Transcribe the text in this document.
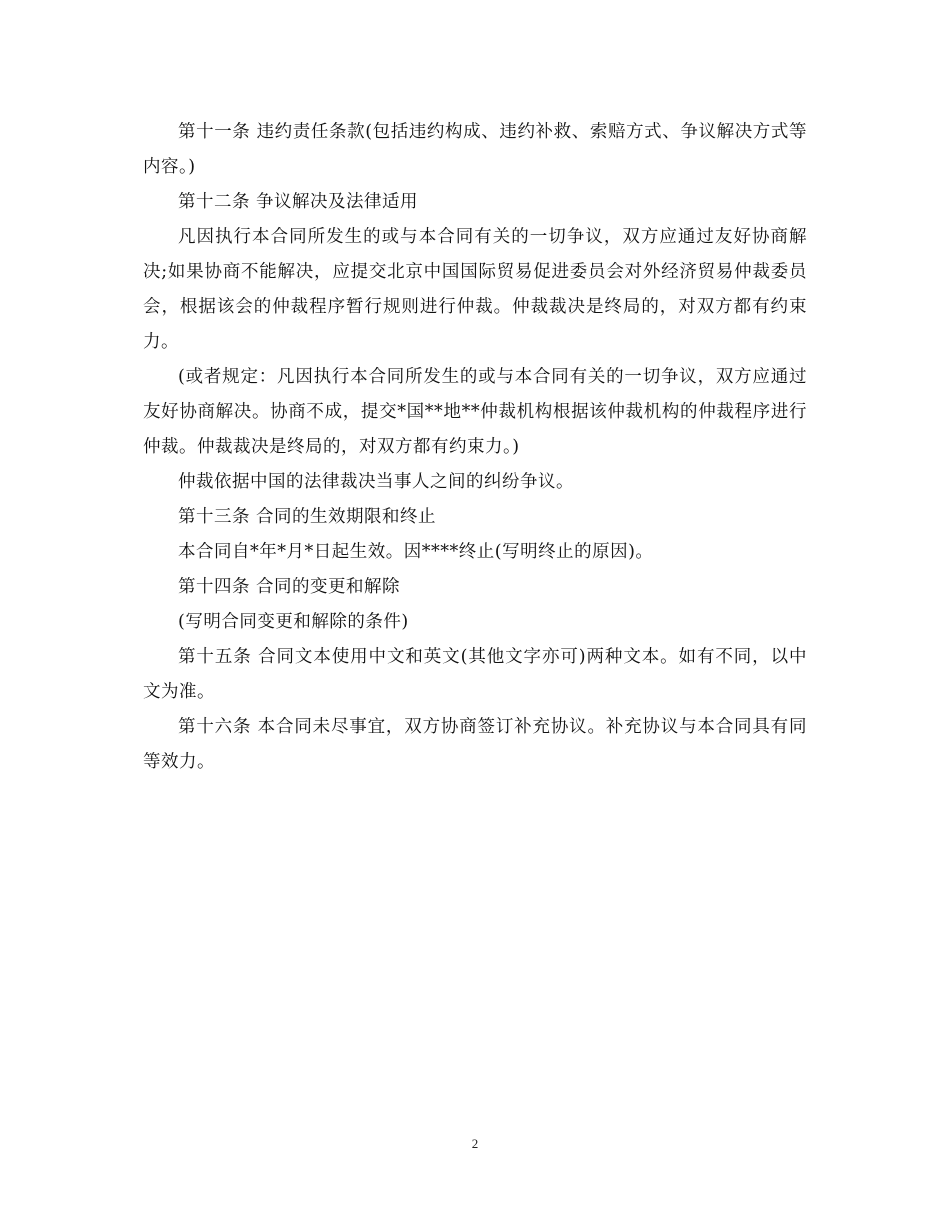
第十一条 违约责任条款(包括违约构成、违约补救、索赔方式、争议解决方式等内容。)

第十二条 争议解决及法律适用

凡因执行本合同所发生的或与本合同有关的一切争议，双方应通过友好协商解决;如果协商不能解决，应提交北京中国国际贸易促进委员会对外经济贸易仲裁委员会，根据该会的仲裁程序暂行规则进行仲裁。仲裁裁决是终局的，对双方都有约束力。

(或者规定：凡因执行本合同所发生的或与本合同有关的一切争议，双方应通过友好协商解决。协商不成，提交*国**地**仲裁机构根据该仲裁机构的仲裁程序进行仲裁。仲裁裁决是终局的，对双方都有约束力。)

仲裁依据中国的法律裁决当事人之间的纠纷争议。

第十三条 合同的生效期限和终止

本合同自*年*月*日起生效。因****终止(写明终止的原因)。

第十四条 合同的变更和解除

(写明合同变更和解除的条件)

第十五条 合同文本使用中文和英文(其他文字亦可)两种文本。如有不同，以中文为准。

第十六条 本合同未尽事宜，双方协商签订补充协议。补充协议与本合同具有同等效力。

2
